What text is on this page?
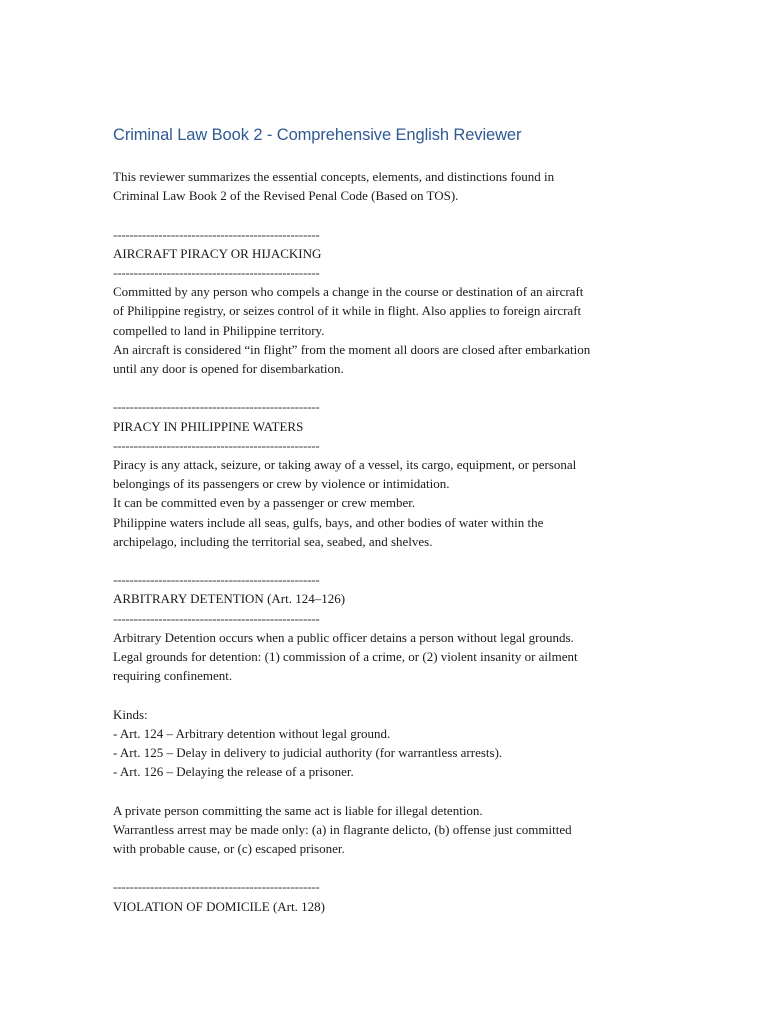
Criminal Law Book 2 - Comprehensive English Reviewer

This reviewer summarizes the essential concepts, elements, and distinctions found in

Criminal Law Book 2 of the Revised Penal Code (Based on TOS).

--------------------------------------------------

AIRCRAFT PIRACY OR HIJACKING

--------------------------------------------------

Committed by any person who compels a change in the course or destination of an aircraft

of Philippine registry, or seizes control of it while in flight. Also applies to foreign aircraft

compelled to land in Philippine territory.

An aircraft is considered “in flight” from the moment all doors are closed after embarkation

until any door is opened for disembarkation.

--------------------------------------------------

PIRACY IN PHILIPPINE WATERS

--------------------------------------------------

Piracy is any attack, seizure, or taking away of a vessel, its cargo, equipment, or personal

belongings of its passengers or crew by violence or intimidation.

It can be committed even by a passenger or crew member.

Philippine waters include all seas, gulfs, bays, and other bodies of water within the

archipelago, including the territorial sea, seabed, and shelves.

--------------------------------------------------

ARBITRARY DETENTION (Art. 124–126)

--------------------------------------------------

Arbitrary Detention occurs when a public officer detains a person without legal grounds.

Legal grounds for detention: (1) commission of a crime, or (2) violent insanity or ailment

requiring confinement.

Kinds:

- Art. 124 – Arbitrary detention without legal ground.

- Art. 125 – Delay in delivery to judicial authority (for warrantless arrests).

- Art. 126 – Delaying the release of a prisoner.

A private person committing the same act is liable for illegal detention.

Warrantless arrest may be made only: (a) in flagrante delicto, (b) offense just committed

with probable cause, or (c) escaped prisoner.

--------------------------------------------------

VIOLATION OF DOMICILE (Art. 128)
